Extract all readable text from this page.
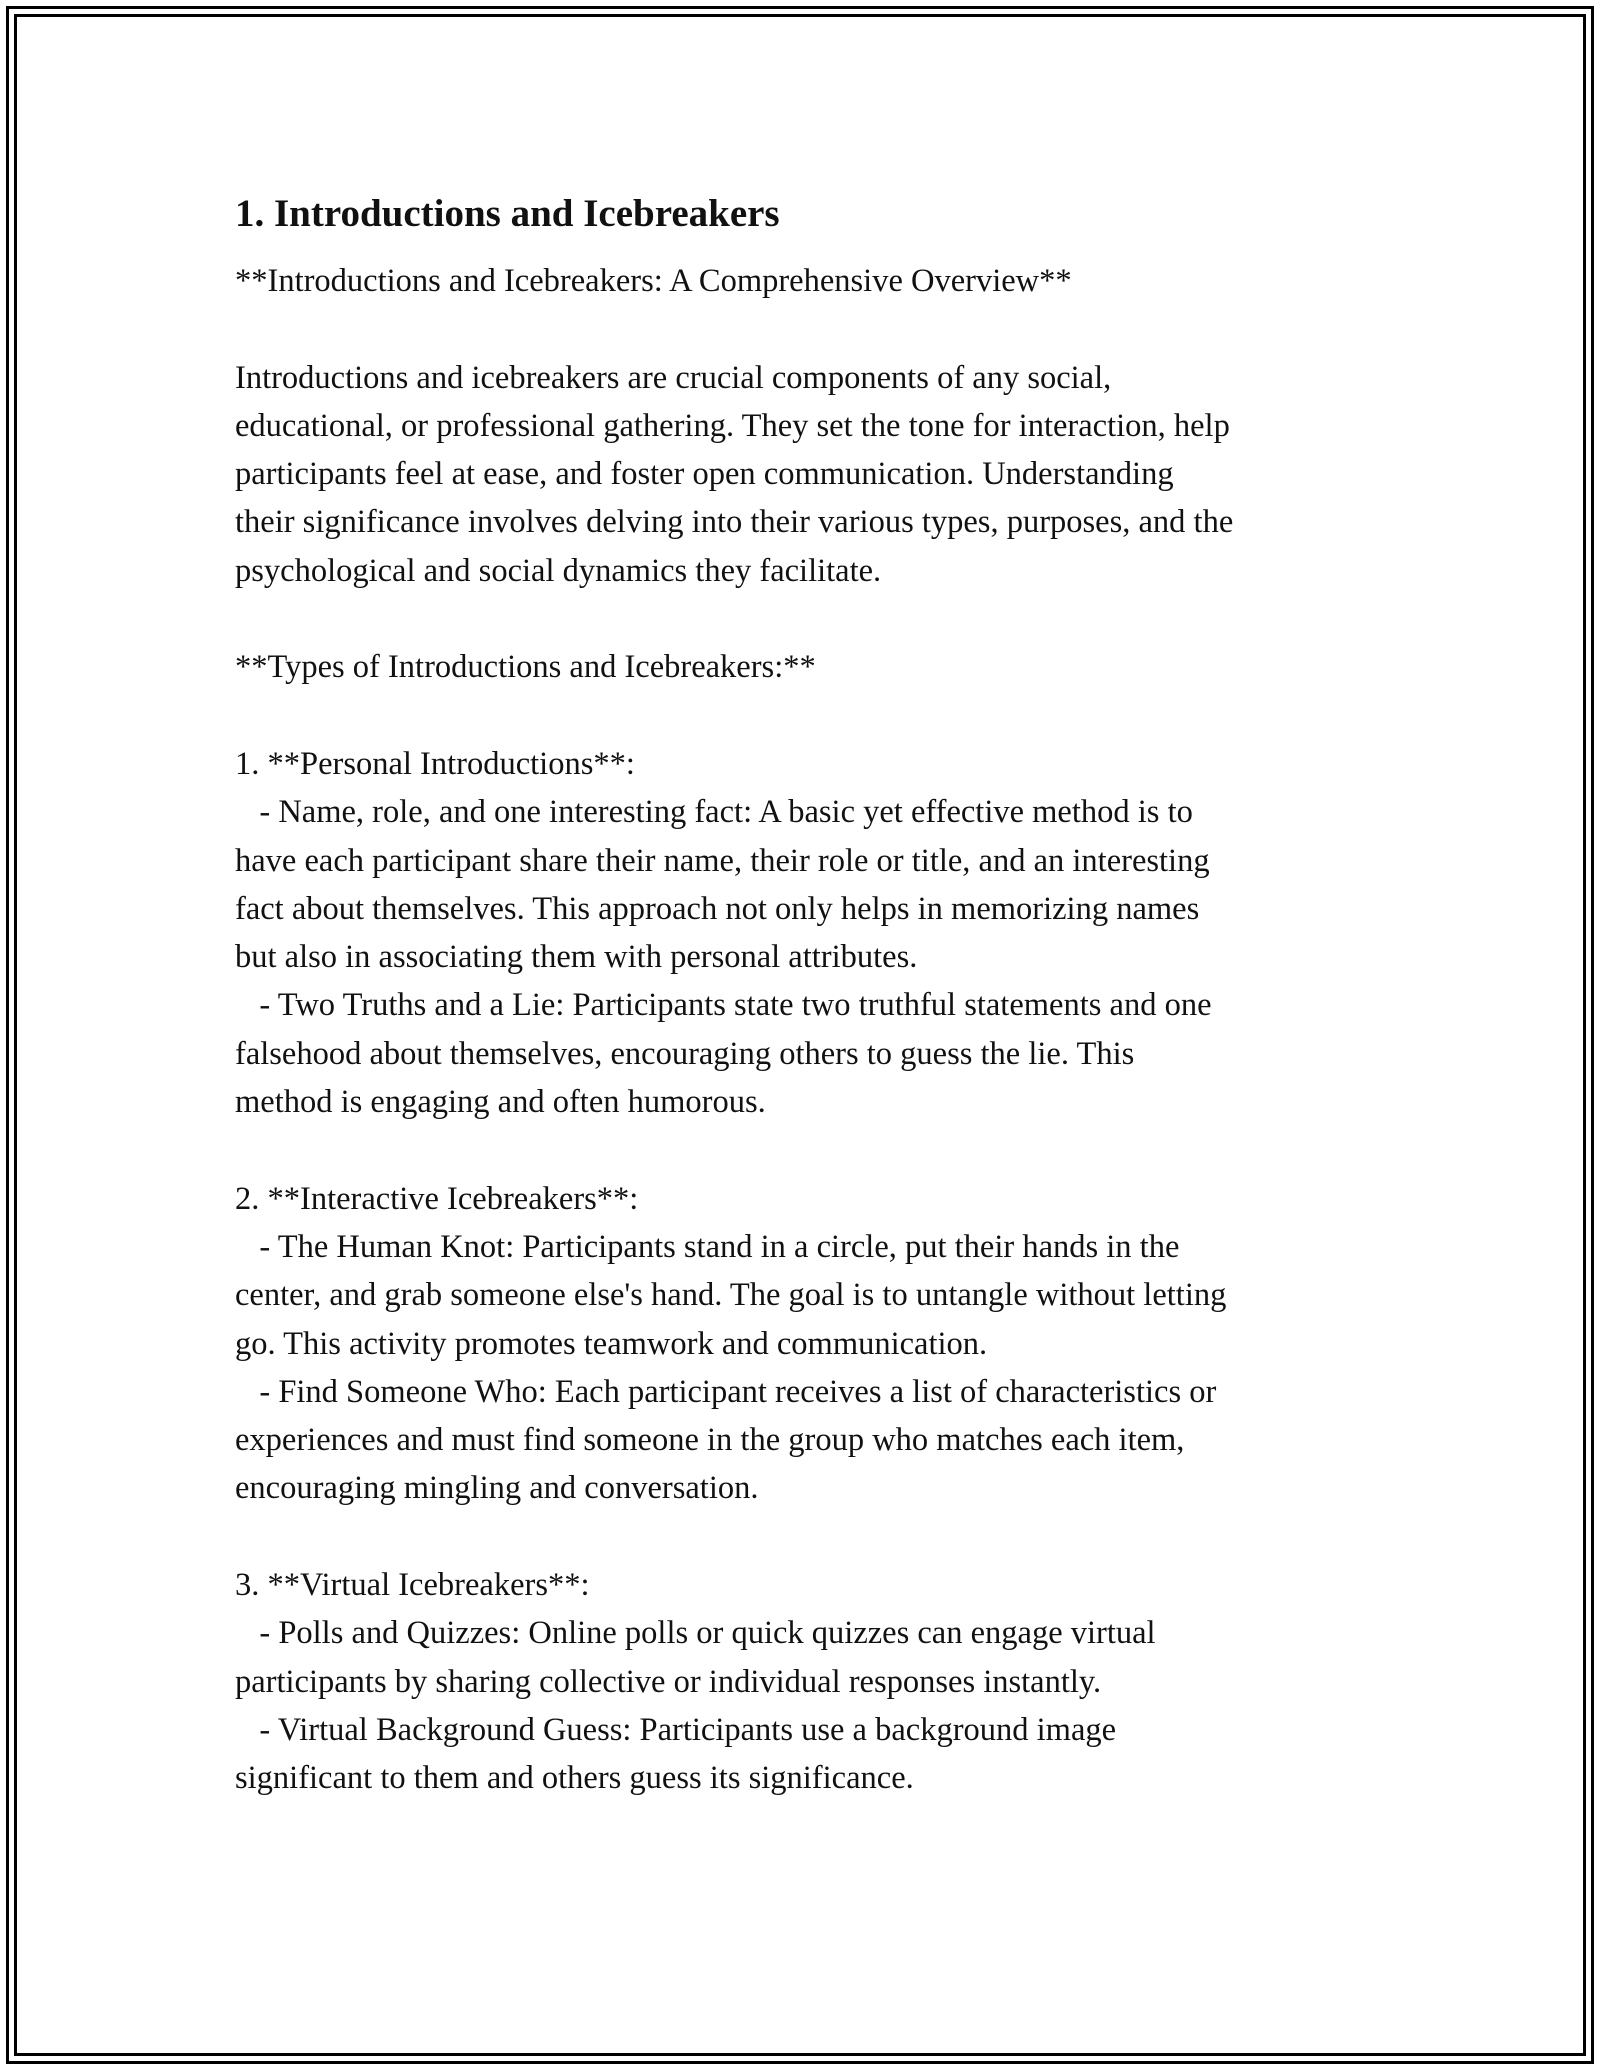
1. Introductions and Icebreakers

**Introductions and Icebreakers: A Comprehensive Overview**

Introductions and icebreakers are crucial components of any social,

educational, or professional gathering. They set the tone for interaction, help

participants feel at ease, and foster open communication. Understanding

their significance involves delving into their various types, purposes, and the

psychological and social dynamics they facilitate.

**Types of Introductions and Icebreakers:**

1. **Personal Introductions**:

- Name, role, and one interesting fact: A basic yet effective method is to

have each participant share their name, their role or title, and an interesting

fact about themselves. This approach not only helps in memorizing names

but also in associating them with personal attributes.

- Two Truths and a Lie: Participants state two truthful statements and one

falsehood about themselves, encouraging others to guess the lie. This

method is engaging and often humorous.

2. **Interactive Icebreakers**:

- The Human Knot: Participants stand in a circle, put their hands in the

center, and grab someone else's hand. The goal is to untangle without letting

go. This activity promotes teamwork and communication.

- Find Someone Who: Each participant receives a list of characteristics or

experiences and must find someone in the group who matches each item,

encouraging mingling and conversation.

3. **Virtual Icebreakers**:

- Polls and Quizzes: Online polls or quick quizzes can engage virtual

participants by sharing collective or individual responses instantly.

- Virtual Background Guess: Participants use a background image

significant to them and others guess its significance.
